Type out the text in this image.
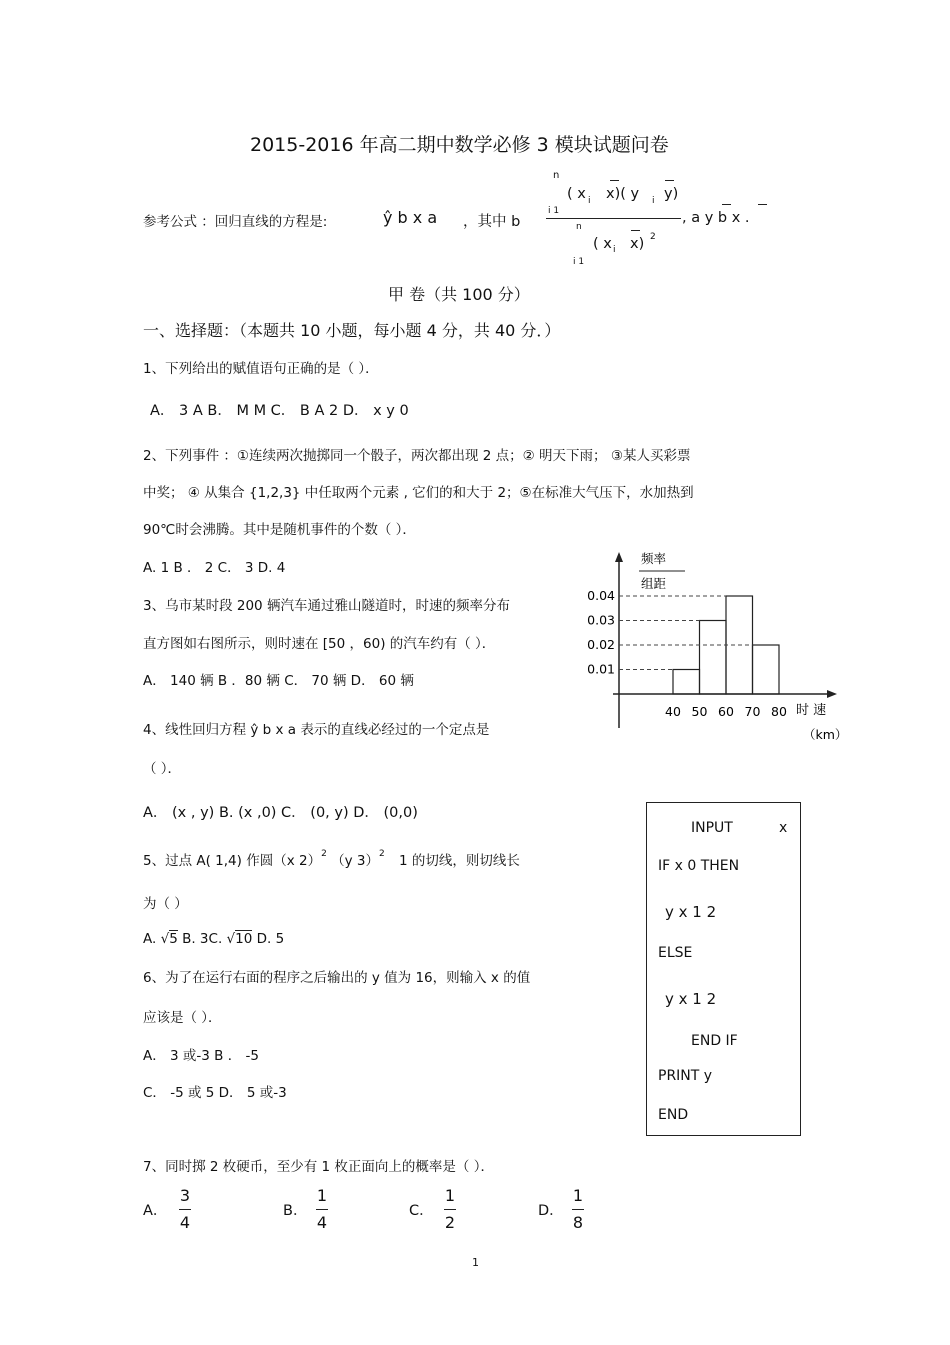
2015-2016 年高二期中数学必修 3 模块试题问卷
参考公式 ：回归直线的方程是:	ŷ b x a ，其中 b
n
( x i x)( y i y)
i 1
n
( x i x) 2
i 1
, a y b x .
甲 卷（共 100 分）
一、选择题：（本题共 10 小题，每小题 4 分，共 40 分．）
1、下列给出的赋值语句正确的是（ ）．
A． 3 A B． M M C． B A 2 D． x y 0
2、下列事件 ：①连续两次抛掷同一个骰子，两次都出现 2 点；② 明天下雨； ③某人买彩票
中奖； ④ 从集合 {1,2,3} 中任取两个元素 , 它们的和大于 2；⑤在标准大气压下，水加热到
90℃时会沸腾。其中是随机事件的个数（ ）．
A. 1 B ． 2 C． 3 D. 4
3、乌市某时段 200 辆汽车通过雅山隧道时，时速的频率分布
直方图如右图所示，则时速在 [50 ，60) 的汽车约有（ ）．
A． 140 辆 B ．80 辆 C． 70 辆 D． 60 辆
频率
组距
0.01
0.02
0.03
0.04
40 50 60 70 80 时 速
（km）
4、线性回归方程 ŷ b x a 表示的直线必经过的一个定点是
（ ）．
A． (x , y) B. (x ,0) C． (0, y) D． (0,0)
INPUT	x
IF x 0 THEN
y x 1 2
ELSE
y x 1 2
END IF
PRINT y
END
5、过点 A( 1,4) 作圆（x 2）$^2$ （y 3）$^2$ 1 的切线，则切线长
为（ ）
A. √5 B. 3C. √10 D. 5
6、为了在运行右面的程序之后输出的 y 值为 16，则输入 x 的值
应该是（ ）．
A． 3 或-3 B ． -5
C． -5 或 5 D． 5 或-3
7、同时掷 2 枚硬币，至少有 1 枚正面向上的概率是（ ）．
A．
3
4
B．
1
4
C．
1
2
D．
1
8
1
